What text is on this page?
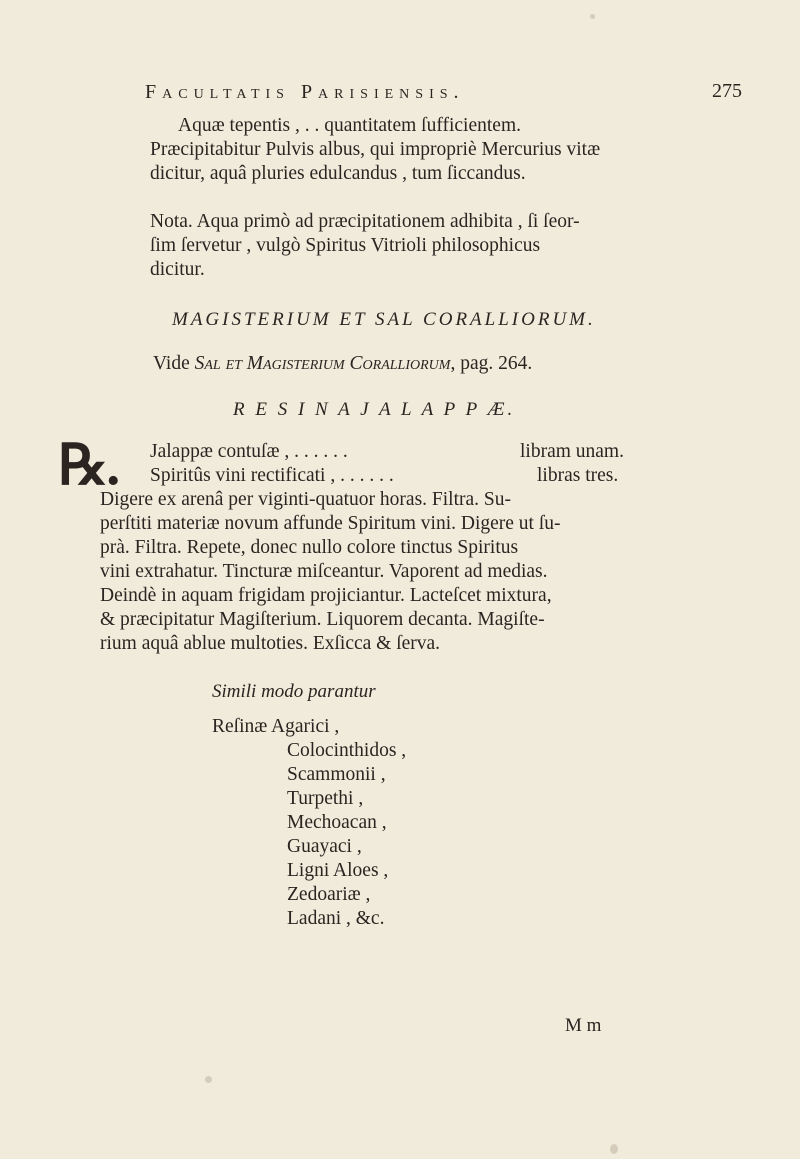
Facultatis Parisiensis.	275
Aquæ tepentis , . . quantitatem ſufficientem.
Præcipitabitur Pulvis albus, qui impropriè Mercurius vitæ
dicitur, aquâ pluries edulcandus , tum ſiccandus.
Nota. Aqua primò ad præcipitationem adhibita , ſi ſeor-
ſim ſervetur , vulgò Spiritus Vitrioli philosophicus
dicitur.
MAGISTERIUM ET SAL CORALLIORUM.
Vide Sal et Magisterium Coralliorum, pag. 264.
R E S I N A J A L A P P Æ.
℞. Jalappæ contuſæ , . . . . . .	libram unam.
Spiritûs vini rectificati , . . . . . .	libras tres.
Digere ex arenâ per viginti-quatuor horas. Filtra. Su-
perſtiti materiæ novum affunde Spiritum vini. Digere ut ſu-
prà. Filtra. Repete, donec nullo colore tinctus Spiritus
vini extrahatur. Tincturæ miſceantur. Vaporent ad medias.
Deindè in aquam frigidam projiciantur. Lacteſcet mixtura,
& præcipitatur Magiſterium. Liquorem decanta. Magiſte-
rium aquâ ablue multoties. Exſicca & ſerva.
Simili modo parantur
Reſinæ Agarici ,
Colocinthidos ,
Scammonii ,
Turpethi ,
Mechoacan ,
Guayaci ,
Ligni Aloes ,
Zedoariæ ,
Ladani , &c.
M m
